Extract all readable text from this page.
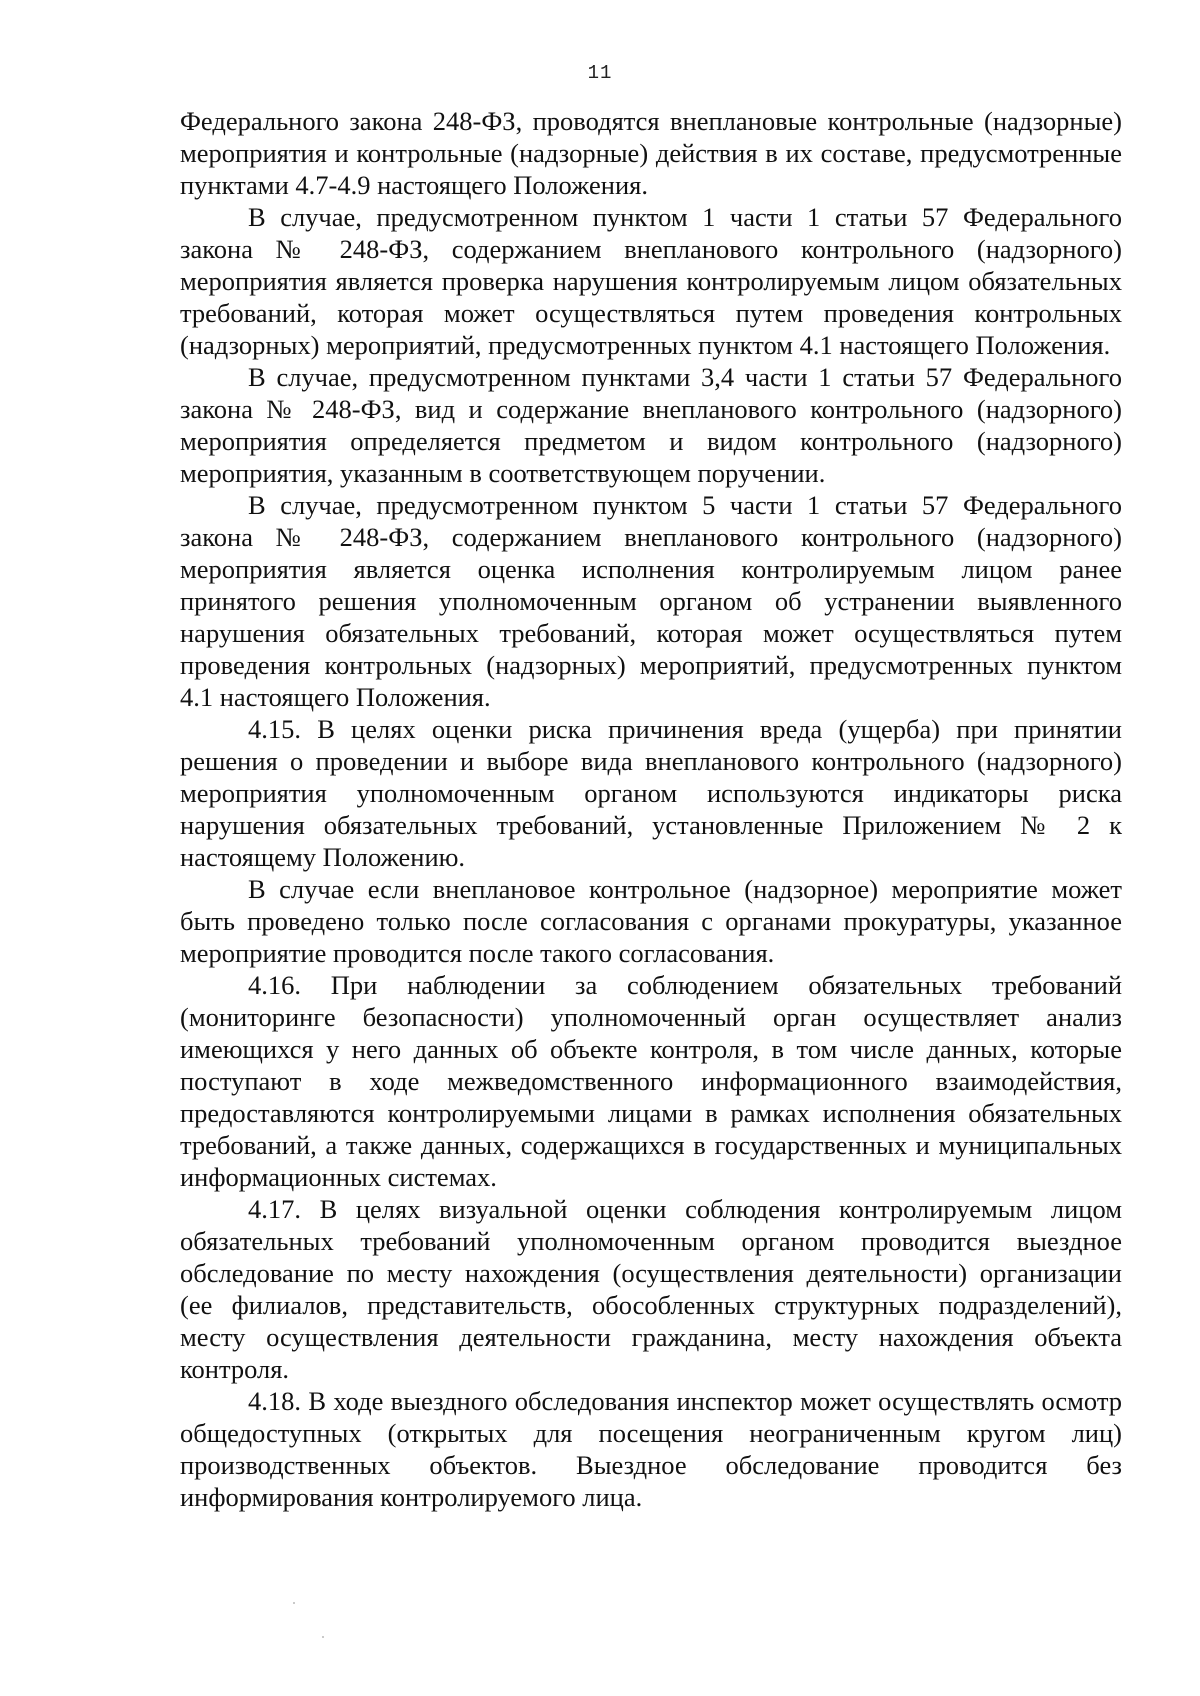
11

Федерального закона 248-ФЗ, проводятся внеплановые контрольные (надзорные) мероприятия и контрольные (надзорные) действия в их составе, предусмотренные пунктами 4.7-4.9 настоящего Положения.

В случае, предусмотренном пунктом 1 части 1 статьи 57 Федерального закона № 248-ФЗ, содержанием внепланового контрольного (надзорного) мероприятия является проверка нарушения контролируемым лицом обязательных требований, которая может осуществляться путем проведения контрольных (надзорных) мероприятий, предусмотренных пунктом 4.1 настоящего Положения.

В случае, предусмотренном пунктами 3,4 части 1 статьи 57 Федерального закона № 248-ФЗ, вид и содержание внепланового контрольного (надзорного) мероприятия определяется предметом и видом контрольного (надзорного) мероприятия, указанным в соответствующем поручении.

В случае, предусмотренном пунктом 5 части 1 статьи 57 Федерального закона № 248-ФЗ, содержанием внепланового контрольного (надзорного) мероприятия является оценка исполнения контролируемым лицом ранее принятого решения уполномоченным органом об устранении выявленного нарушения обязательных требований, которая может осуществляться путем проведения контрольных (надзорных) мероприятий, предусмотренных пунктом 4.1 настоящего Положения.

4.15. В целях оценки риска причинения вреда (ущерба) при принятии решения о проведении и выборе вида внепланового контрольного (надзорного) мероприятия уполномоченным органом используются индикаторы риска нарушения обязательных требований, установленные Приложением № 2 к настоящему Положению.

В случае если внеплановое контрольное (надзорное) мероприятие может быть проведено только после согласования с органами прокуратуры, указанное мероприятие проводится после такого согласования.

4.16. При наблюдении за соблюдением обязательных требований (мониторинге безопасности) уполномоченный орган осуществляет анализ имеющихся у него данных об объекте контроля, в том числе данных, которые поступают в ходе межведомственного информационного взаимодействия, предоставляются контролируемыми лицами в рамках исполнения обязательных требований, а также данных, содержащихся в государственных и муниципальных информационных системах.

4.17. В целях визуальной оценки соблюдения контролируемым лицом обязательных требований уполномоченным органом проводится выездное обследование по месту нахождения (осуществления деятельности) организации (ее филиалов, представительств, обособленных структурных подразделений), месту осуществления деятельности гражданина, месту нахождения объекта контроля.

4.18. В ходе выездного обследования инспектор может осуществлять осмотр общедоступных (открытых для посещения неограниченным кругом лиц) производственных объектов. Выездное обследование проводится без информирования контролируемого лица.
